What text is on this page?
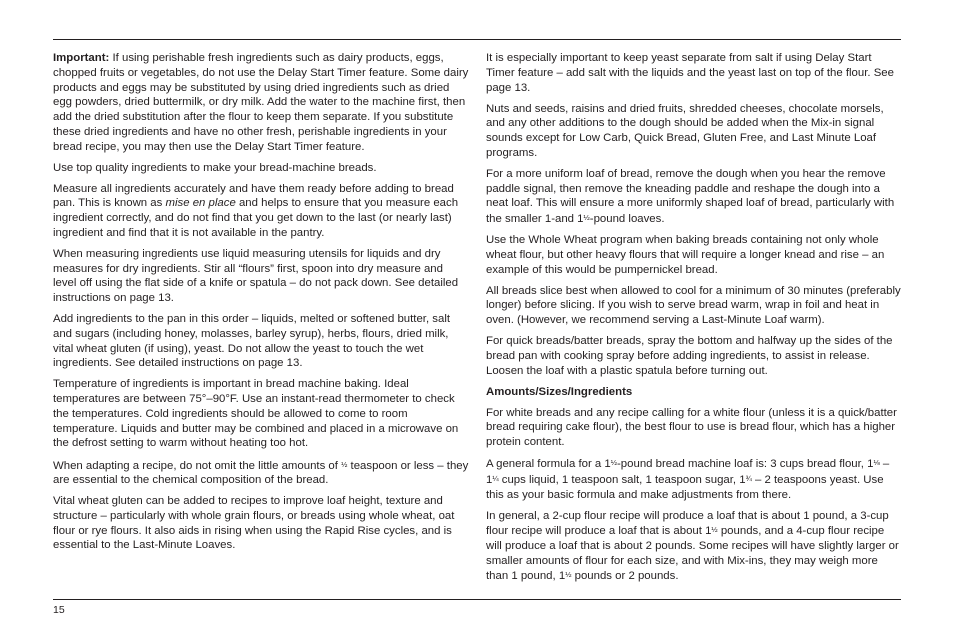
Important: If using perishable fresh ingredients such as dairy products, eggs, chopped fruits or vegetables, do not use the Delay Start Timer feature. Some dairy products and eggs may be substituted by using dried ingredients such as dried egg powders, dried buttermilk, or dry milk. Add the water to the machine first, then add the dried substitution after the flour to keep them separate. If you substitute these dried ingredients and have no other fresh, perishable ingredients in your bread recipe, you may then use the Delay Start Timer feature.

Use top quality ingredients to make your bread-machine breads.

Measure all ingredients accurately and have them ready before adding to bread pan. This is known as mise en place and helps to ensure that you measure each ingredient correctly, and do not find that you get down to the last (or nearly last) ingredient and find that it is not available in the pantry.

When measuring ingredients use liquid measuring utensils for liquids and dry measures for dry ingredients. Stir all “flours” first, spoon into dry measure and level off using the flat side of a knife or spatula – do not pack down. See detailed instructions on page 13.

Add ingredients to the pan in this order – liquids, melted or softened butter, salt and sugars (including honey, molasses, barley syrup), herbs, flours, dried milk, vital wheat gluten (if using), yeast. Do not allow the yeast to touch the wet ingredients. See detailed instructions on page 13.

Temperature of ingredients is important in bread machine baking. Ideal temperatures are between 75°–90°F. Use an instant-read thermometer to check the temperatures. Cold ingredients should be allowed to come to room temperature. Liquids and butter may be combined and placed in a microwave on the defrost setting to warm without heating too hot.

When adapting a recipe, do not omit the little amounts of ½ teaspoon or less – they are essential to the chemical composition of the bread.

Vital wheat gluten can be added to recipes to improve loaf height, texture and structure – particularly with whole grain flours, or breads using whole wheat, oat flour or rye flours. It also aids in rising when using the Rapid Rise cycles, and is essential to the Last-Minute Loaves.

It is especially important to keep yeast separate from salt if using Delay Start Timer feature – add salt with the liquids and the yeast last on top of the flour. See page 13.

Nuts and seeds, raisins and dried fruits, shredded cheeses, chocolate morsels, and any other additions to the dough should be added when the Mix-in signal sounds except for Low Carb, Quick Bread, Gluten Free, and Last Minute Loaf programs.

For a more uniform loaf of bread, remove the dough when you hear the remove paddle signal, then remove the kneading paddle and reshape the dough into a neat loaf. This will ensure a more uniformly shaped loaf of bread, particularly with the smaller 1-and 1½-pound loaves.

Use the Whole Wheat program when baking breads containing not only whole wheat flour, but other heavy flours that will require a longer knead and rise – an example of this would be pumpernickel bread.

All breads slice best when allowed to cool for a minimum of 30 minutes (preferably longer) before slicing. If you wish to serve bread warm, wrap in foil and heat in oven. (However, we recommend serving a Last-Minute Loaf warm).

For quick breads/batter breads, spray the bottom and halfway up the sides of the bread pan with cooking spray before adding ingredients, to assist in release. Loosen the loaf with a plastic spatula before turning out.

Amounts/Sizes/Ingredients

For white breads and any recipe calling for a white flour (unless it is a quick/batter bread requiring cake flour), the best flour to use is bread flour, which has a higher protein content.

A general formula for a 1½-pound bread machine loaf is: 3 cups bread flour, 1⅛ – 1¼ cups liquid, 1 teaspoon salt, 1 teaspoon sugar, 1¾ – 2 teaspoons yeast. Use this as your basic formula and make adjustments from there.

In general, a 2-cup flour recipe will produce a loaf that is about 1 pound, a 3-cup flour recipe will produce a loaf that is about 1½ pounds, and a 4-cup flour recipe will produce a loaf that is about 2 pounds. Some recipes will have slightly larger or smaller amounts of flour for each size, and with Mix-ins, they may weigh more than 1 pound, 1½ pounds or 2 pounds.

15
